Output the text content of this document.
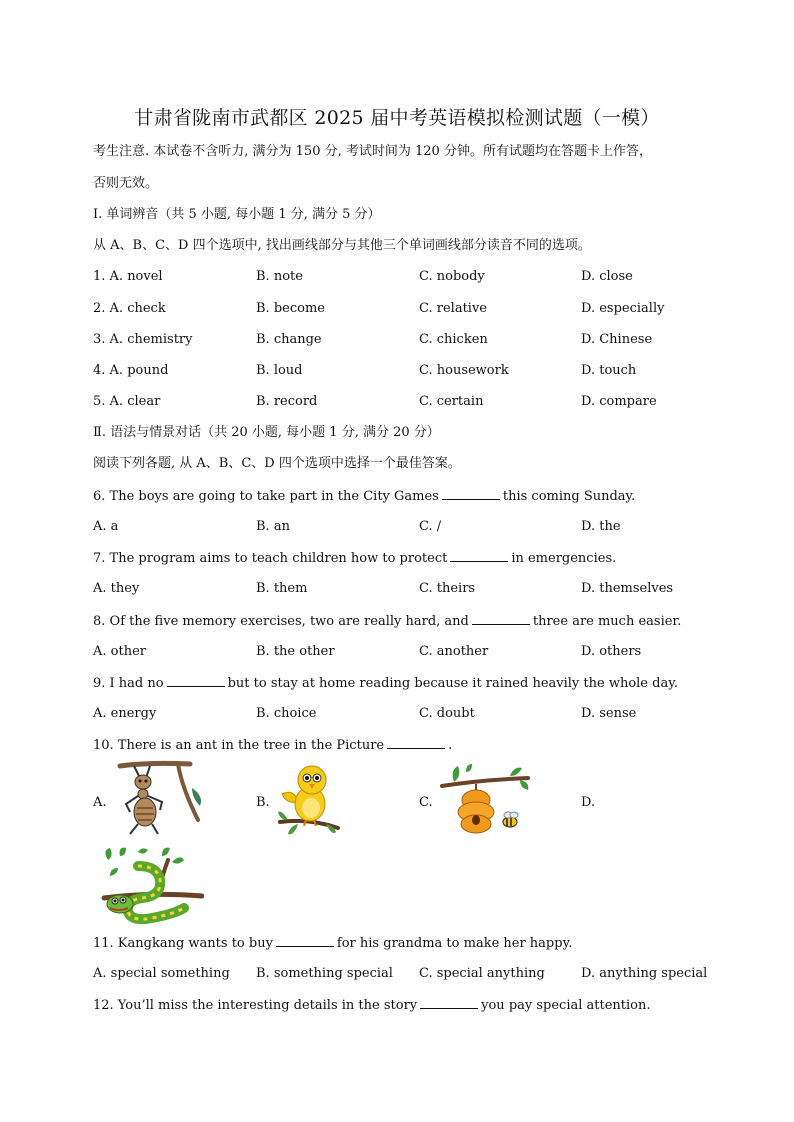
甘肃省陇南市武都区 2025 届中考英语模拟检测试题（一模）
考生注意. 本试卷不含听力, 满分为 150 分, 考试时间为 120 分钟。所有试题均在答题卡上作答，
否则无效。
I. 单词辨音（共 5 小题, 每小题 1 分, 满分 5 分）
从 A、B、C、D 四个选项中, 找出画线部分与其他三个单词画线部分读音不同的选项。
1. A. novel	B. note	C. nobody	D. close
2. A. check	B. become	C. relative	D. especially
3. A. chemistry	B. change	C. chicken	D. Chinese
4. A. pound	B. loud	C. housework	D. touch
5. A. clear	B. record	C. certain	D. compare
Ⅱ. 语法与情景对话（共 20 小题, 每小题 1 分, 满分 20 分）
阅读下列各题, 从 A、B、C、D 四个选项中选择一个最佳答案。
6. The boys are going to take part in the City Games	this coming Sunday.
A. a	B. an	C. /	D. the
7. The program aims to teach children how to protect	in emergencies.
A. they	B. them	C. theirs	D. themselves
8. Of the five memory exercises, two are really hard, and	three are much easier.
A. other	B. the other	C. another	D. others
9. I had no	but to stay at home reading because it rained heavily the whole day.
A. energy	B. choice	C. doubt	D. sense
10. There is an ant in the tree in the Picture	.
A.	B.	C.	D.
11. Kangkang wants to buy	for his grandma to make her happy.
A. special something B. something special C. special anything	D. anything special
12. You’ll miss the interesting details in the story	you pay special attention.
